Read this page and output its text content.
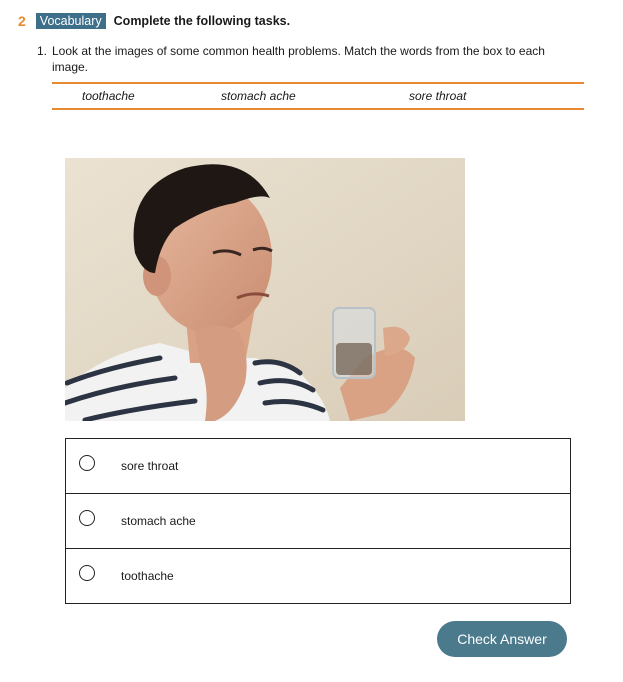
2	Vocabulary Complete the following tasks.
1. Look at the images of some common health problems. Match the words from the box to each image.
toothache	stomach ache	sore throat
sore throat
stomach ache
toothache
Check Answer
